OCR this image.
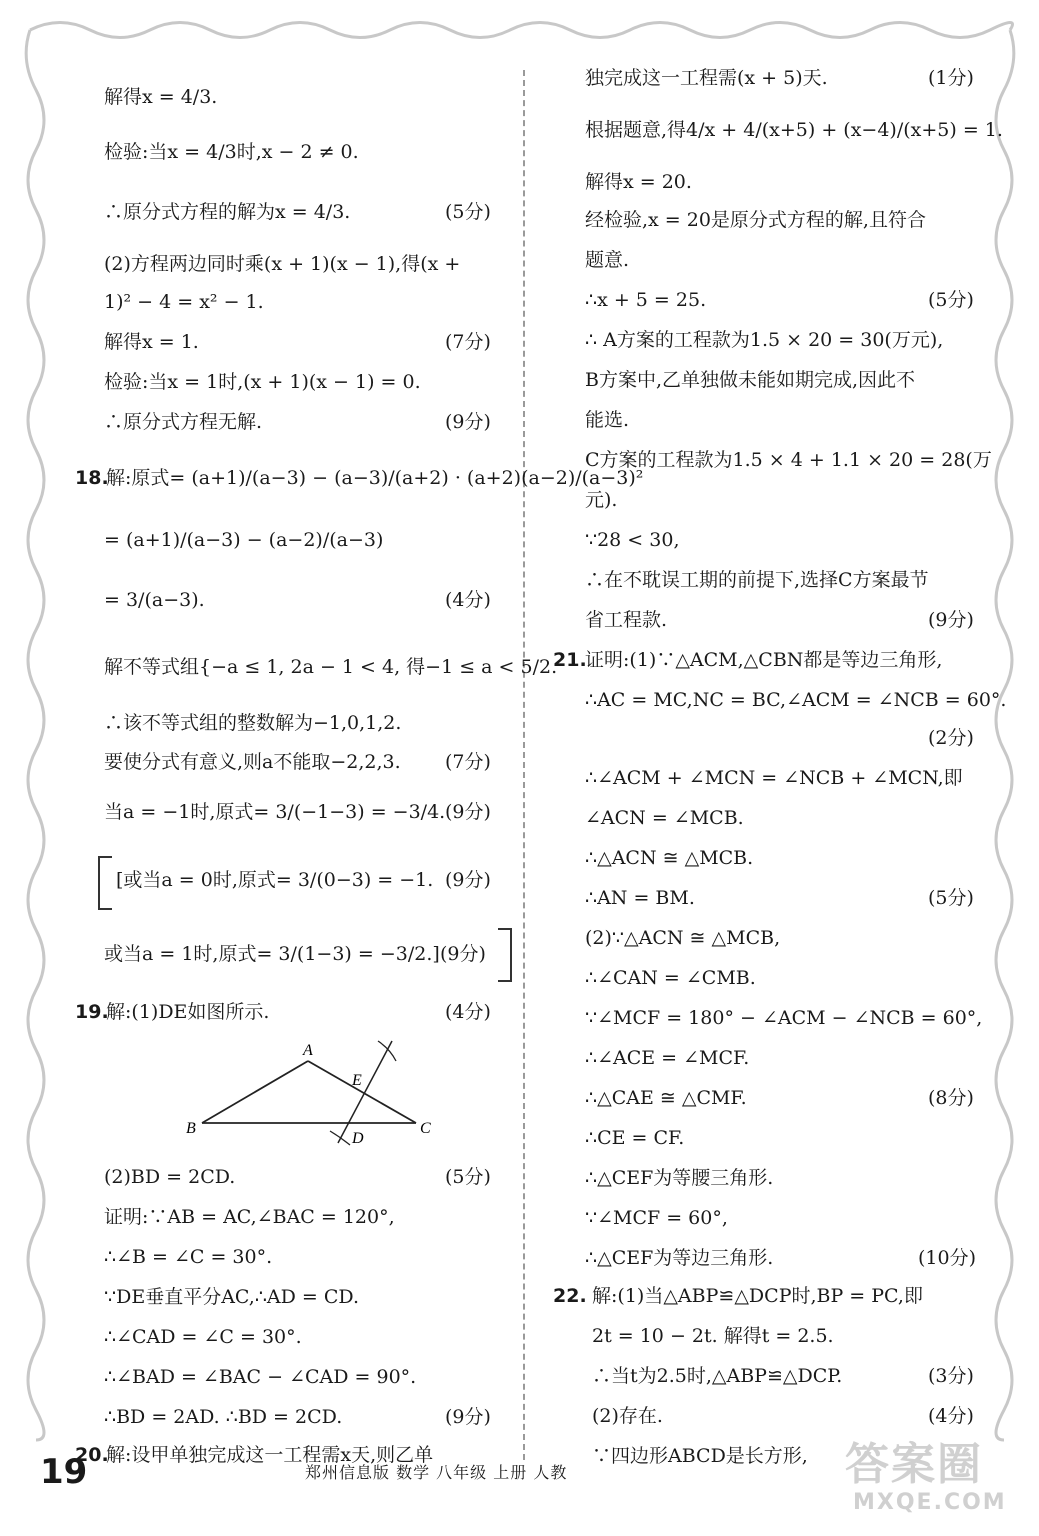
解得x = 4/3.
检验:当x = 4/3时,x − 2 ≠ 0.
∴原分式方程的解为x = 4/3.	(5分)
(2)方程两边同时乘(x + 1)(x − 1),得(x +
1)² − 4 = x² − 1.
解得x = 1.	(7分)
检验:当x = 1时,(x + 1)(x − 1) = 0.
∴原分式方程无解.	(9分)
18.
解:原式= (a+1)/(a−3) − (a−3)/(a+2) · (a+2)(a−2)/(a−3)²
= (a+1)/(a−3) − (a−2)/(a−3)
= 3/(a−3).	(4分)
解不等式组{−a ≤ 1, 2a − 1 < 4, 得−1 ≤ a < 5/2.
∴该不等式组的整数解为−1,0,1,2.
要使分式有意义,则a不能取−2,2,3. (7分)
当a = −1时,原式= 3/(−1−3) = −3/4. (9分)
[或当a = 0时,原式= 3/(0−3) = −1. (9分)
或当a = 1时,原式= 3/(1−3) = −3/2.] (9分)
19.
解:(1)DE如图所示.	(4分)
A
B	C
D
E
(2)BD = 2CD.	(5分)
证明:∵AB = AC,∠BAC = 120°,
∴∠B = ∠C = 30°.
∵DE垂直平分AC,∴AD = CD.
∴∠CAD = ∠C = 30°.
∴∠BAD = ∠BAC − ∠CAD = 90°.
∴BD = 2AD. ∴BD = 2CD.	(9分)
20.
解:设甲单独完成这一工程需x天,则乙单
独完成这一工程需(x + 5)天.	(1分)
根据题意,得4/x + 4/(x+5) + (x−4)/(x+5) = 1.
解得x = 20.
经检验,x = 20是原分式方程的解,且符合
题意.
∴x + 5 = 25.	(5分)
∴ A方案的工程款为1.5 × 20 = 30(万元),
B方案中,乙单独做未能如期完成,因此不
能选.
C方案的工程款为1.5 × 4 + 1.1 × 20 = 28(万
元).
∵28 < 30,
∴在不耽误工期的前提下,选择C方案最节
省工程款.	(9分)
21.
证明:(1)∵△ACM,△CBN都是等边三角形,
∴AC = MC,NC = BC,∠ACM = ∠NCB = 60°.
(2分)
∴∠ACM + ∠MCN = ∠NCB + ∠MCN,即
∠ACN = ∠MCB.
∴△ACN ≅ △MCB.
∴AN = BM.	(5分)
(2)∵△ACN ≅ △MCB,
∴∠CAN = ∠CMB.
∵∠MCF = 180° − ∠ACM − ∠NCB = 60°,
∴∠ACE = ∠MCF.
∴△CAE ≅ △CMF.	(8分)
∴CE = CF.
∴△CEF为等腰三角形.
∵∠MCF = 60°,
∴△CEF为等边三角形.	(10分)
22. 解:(1)当△ABP≌△DCP时,BP = PC,即
2t = 10 − 2t. 解得t = 2.5.
∴当t为2.5时,△ABP≌△DCP.	(3分)
(2)存在.	(4分)
∵四边形ABCD是长方形,
19	郑州信息版 数学 八年级 上册 人教	答案圈
MXQE.COM
